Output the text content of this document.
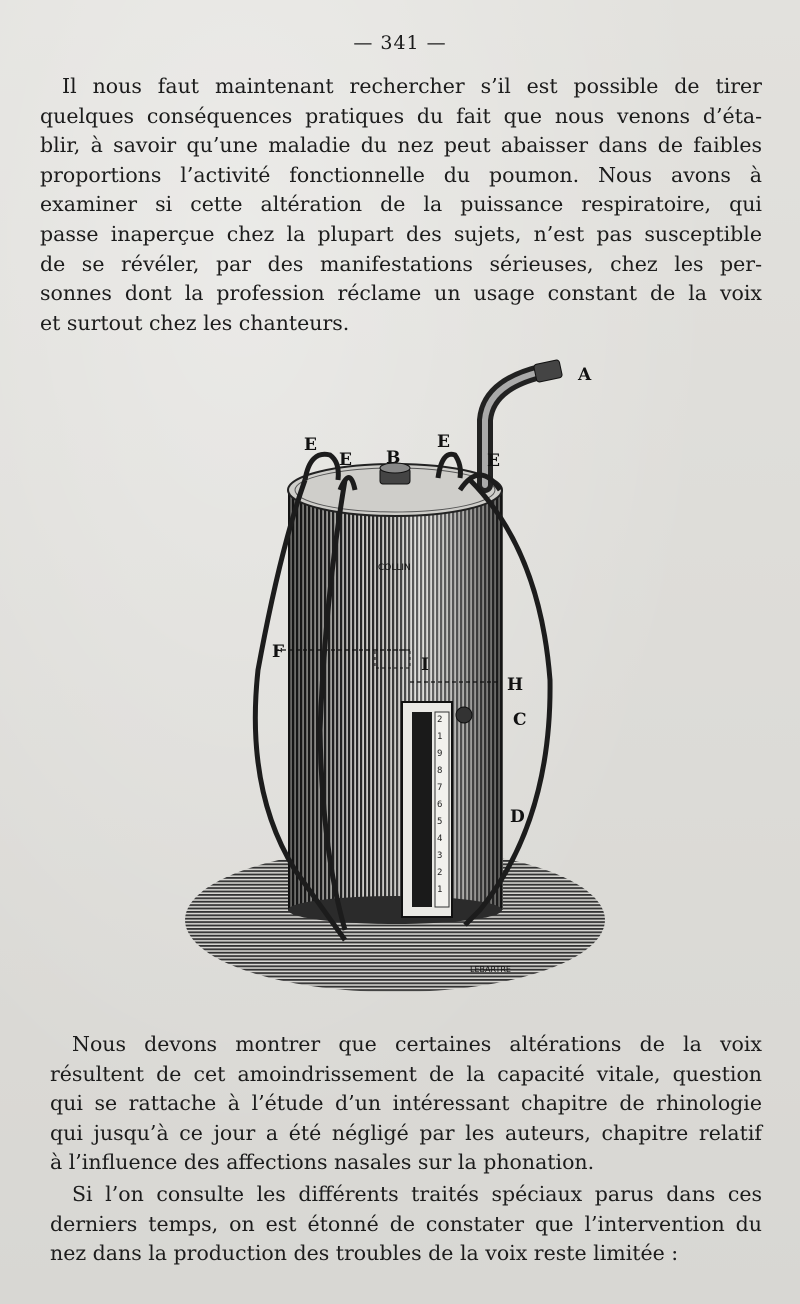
— 341 —

Il nous faut maintenant rechercher s’il est possible de tirer
quelques conséquences pratiques du fait que nous venons d’éta-
blir, à savoir qu’une maladie du nez peut abaisser dans de faibles
proportions l’activité fonctionnelle du poumon. Nous avons à
examiner si cette altération de la puissance respiratoire, qui
passe inaperçue chez la plupart des sujets, n’est pas susceptible
de se révéler, par des manifestations sérieuses, chez les per-
sonnes dont la profession réclame un usage constant de la voix
et surtout chez les chanteurs.

2
1
9
8
7
6
5
4
3
2
1
COLLIN
LEBARTRE
A
B
C
D
E
E
E
E
F
H
I

Nous devons montrer que certaines altérations de la voix
résultent de cet amoindrissement de la capacité vitale, question
qui se rattache à l’étude d’un intéressant chapitre de rhinologie
qui jusqu’à ce jour a été négligé par les auteurs, chapitre relatif
à l’influence des affections nasales sur la phonation.

Si l’on consulte les différents traités spéciaux parus dans ces
derniers temps, on est étonné de constater que l’intervention du
nez dans la production des troubles de la voix reste limitée :
